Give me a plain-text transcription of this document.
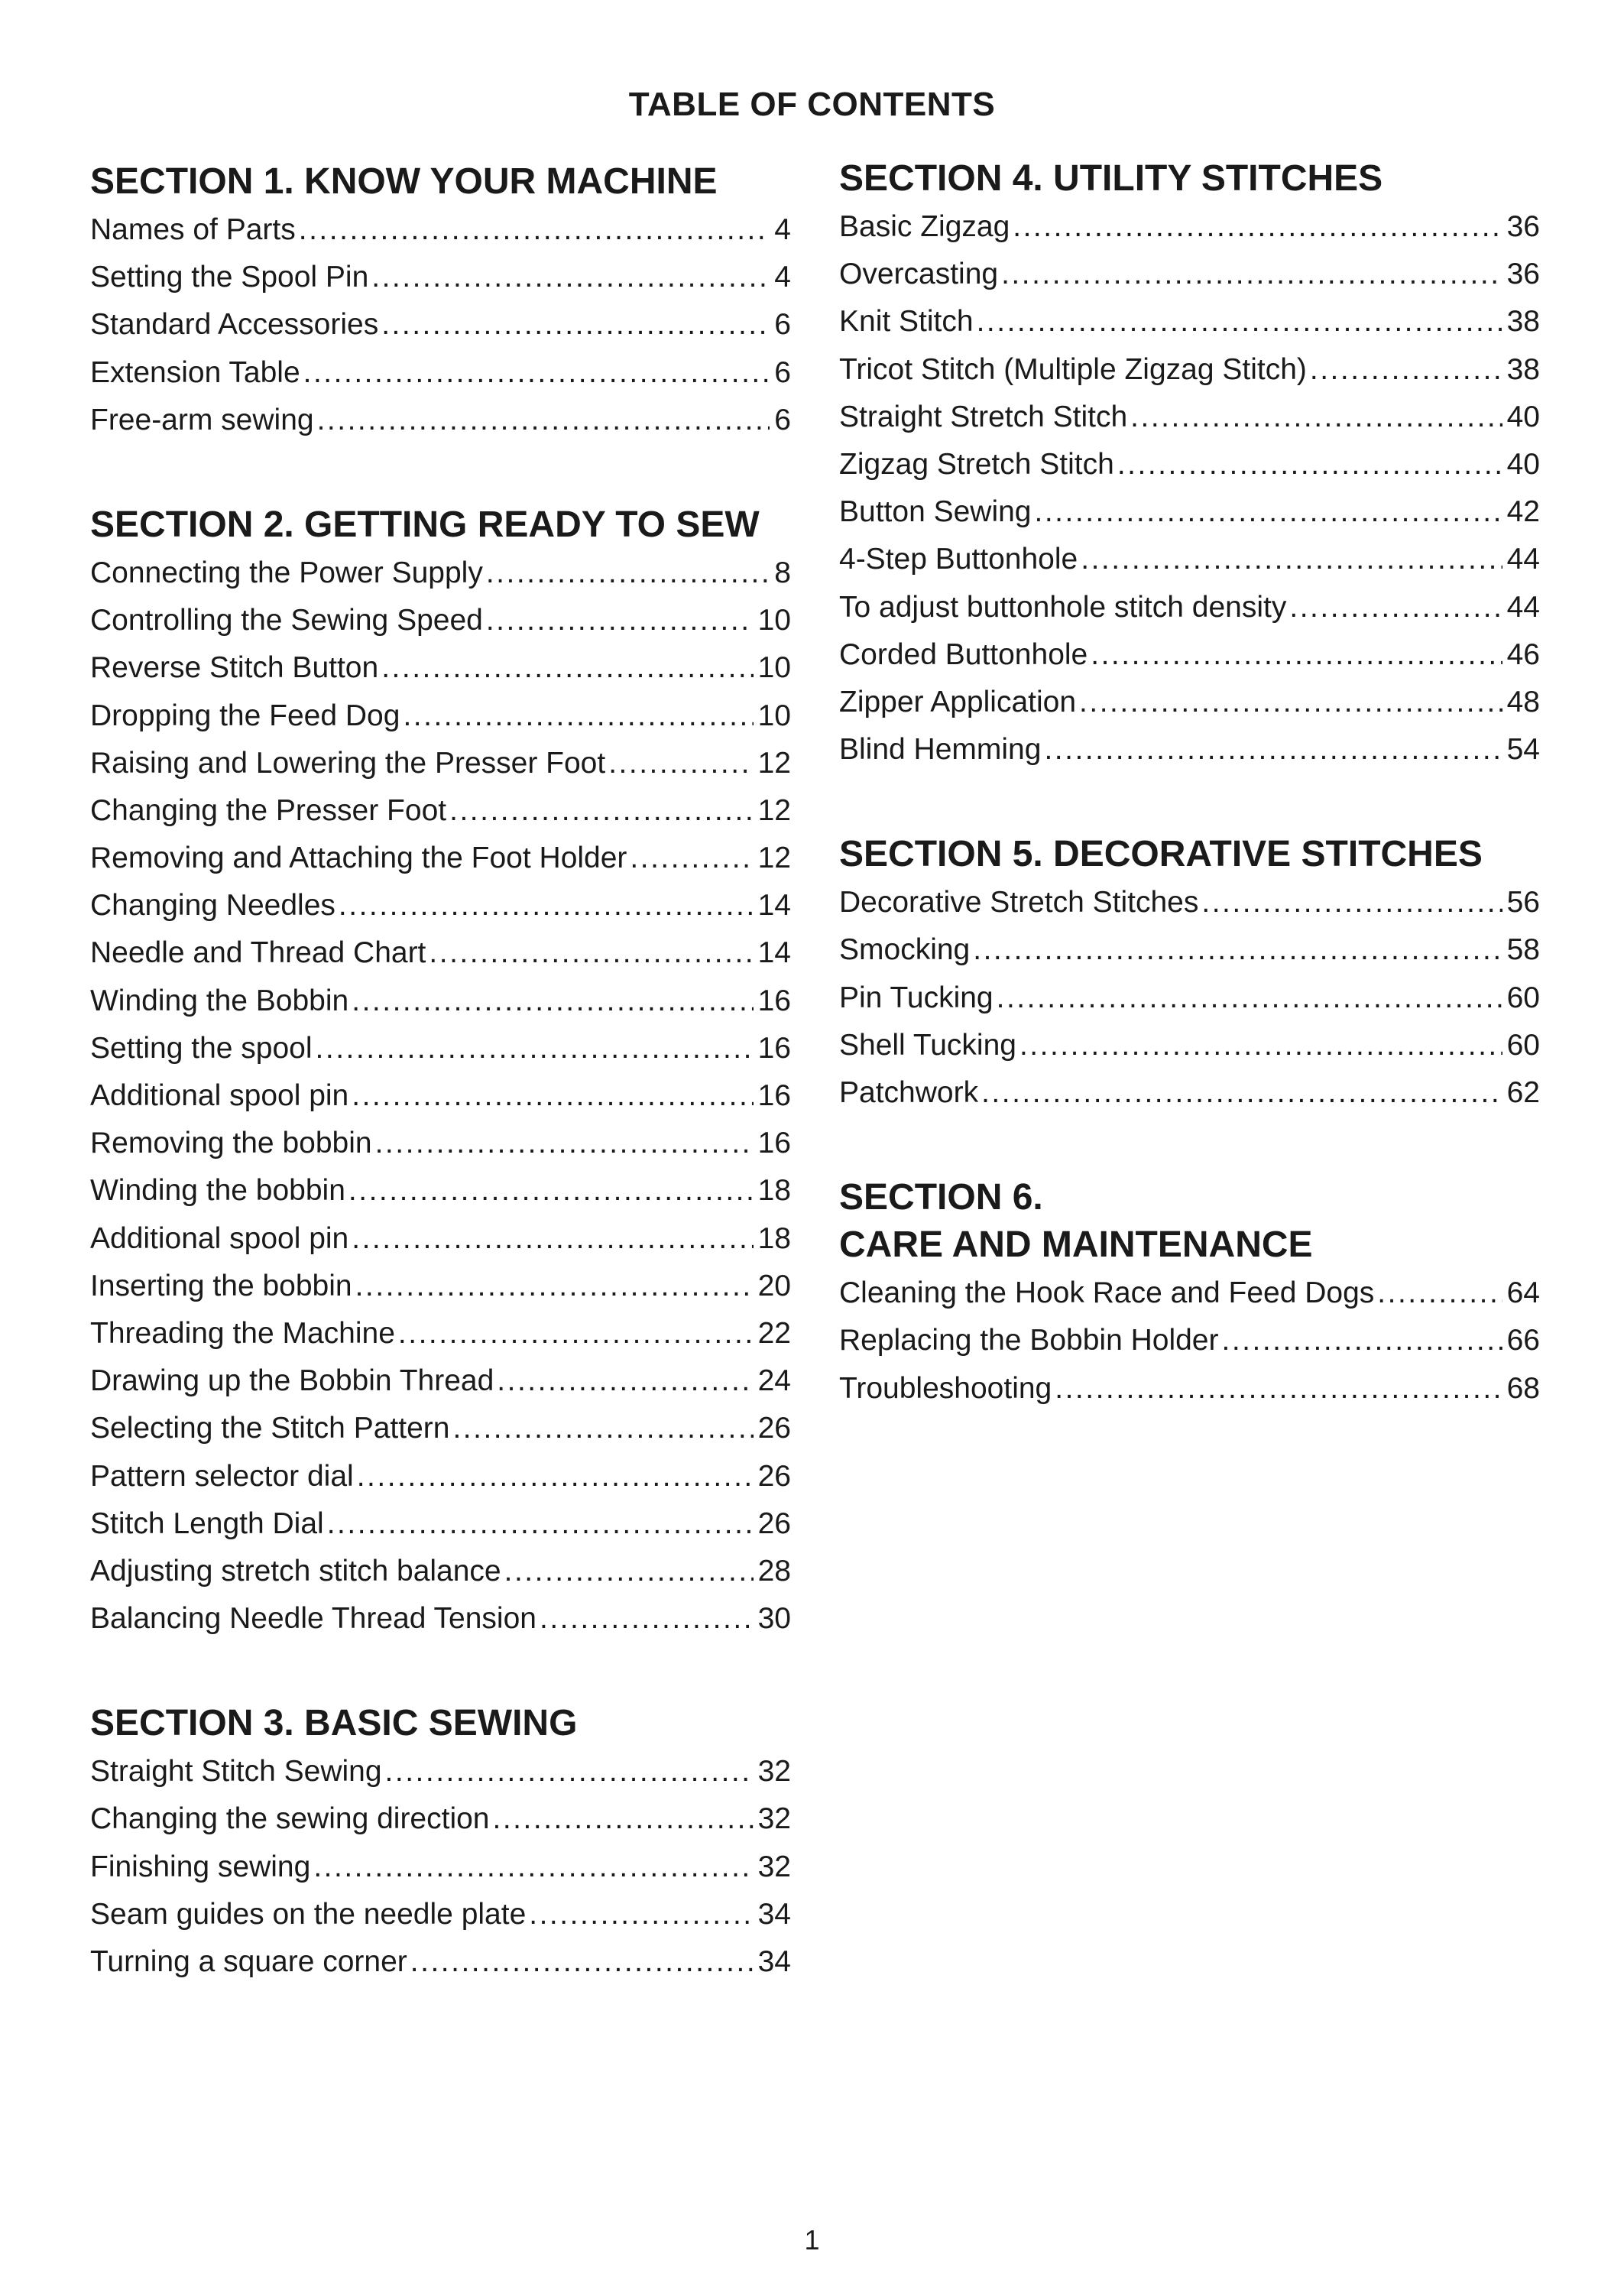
TABLE OF CONTENTS
SECTION 1. KNOW YOUR MACHINE
Names of Parts .....	4
Setting the Spool Pin .....	4
Standard Accessories .....	6
Extension Table .....	6
Free-arm sewing .....	6
SECTION 2. GETTING READY TO SEW
Connecting the Power Supply .....	8
Controlling the Sewing Speed .....	10
Reverse Stitch Button .....	10
Dropping the Feed Dog .....	10
Raising and Lowering the Presser Foot .....	12
Changing the Presser Foot .....	12
Removing and Attaching the Foot Holder .....	12
Changing Needles .....	14
Needle and Thread Chart .....	14
Winding the Bobbin .....	16
Setting the spool .....	16
Additional spool pin .....	16
Removing the bobbin .....	16
Winding the bobbin .....	18
Additional spool pin .....	18
Inserting the bobbin .....	20
Threading the Machine .....	22
Drawing up the Bobbin Thread .....	24
Selecting the Stitch Pattern .....	26
Pattern selector dial .....	26
Stitch Length Dial .....	26
Adjusting stretch stitch balance .....	28
Balancing Needle Thread Tension .....	30
SECTION 3. BASIC SEWING
Straight Stitch Sewing .....	32
Changing the sewing direction .....	32
Finishing sewing .....	32
Seam guides on the needle plate .....	34
Turning a square corner .....	34
SECTION 4. UTILITY STITCHES
Basic Zigzag .....	36
Overcasting .....	36
Knit Stitch .....	38
Tricot Stitch (Multiple Zigzag Stitch) .....	38
Straight Stretch Stitch .....	40
Zigzag Stretch Stitch .....	40
Button Sewing .....	42
4-Step Buttonhole .....	44
To adjust buttonhole stitch density .....	44
Corded Buttonhole .....	46
Zipper Application .....	48
Blind Hemming .....	54
SECTION 5. DECORATIVE STITCHES
Decorative Stretch Stitches .....	56
Smocking .....	58
Pin Tucking .....	60
Shell Tucking .....	60
Patchwork .....	62
SECTION 6.
CARE AND MAINTENANCE
Cleaning the Hook Race and Feed Dogs .....	64
Replacing the Bobbin Holder .....	66
Troubleshooting .....	68
1
